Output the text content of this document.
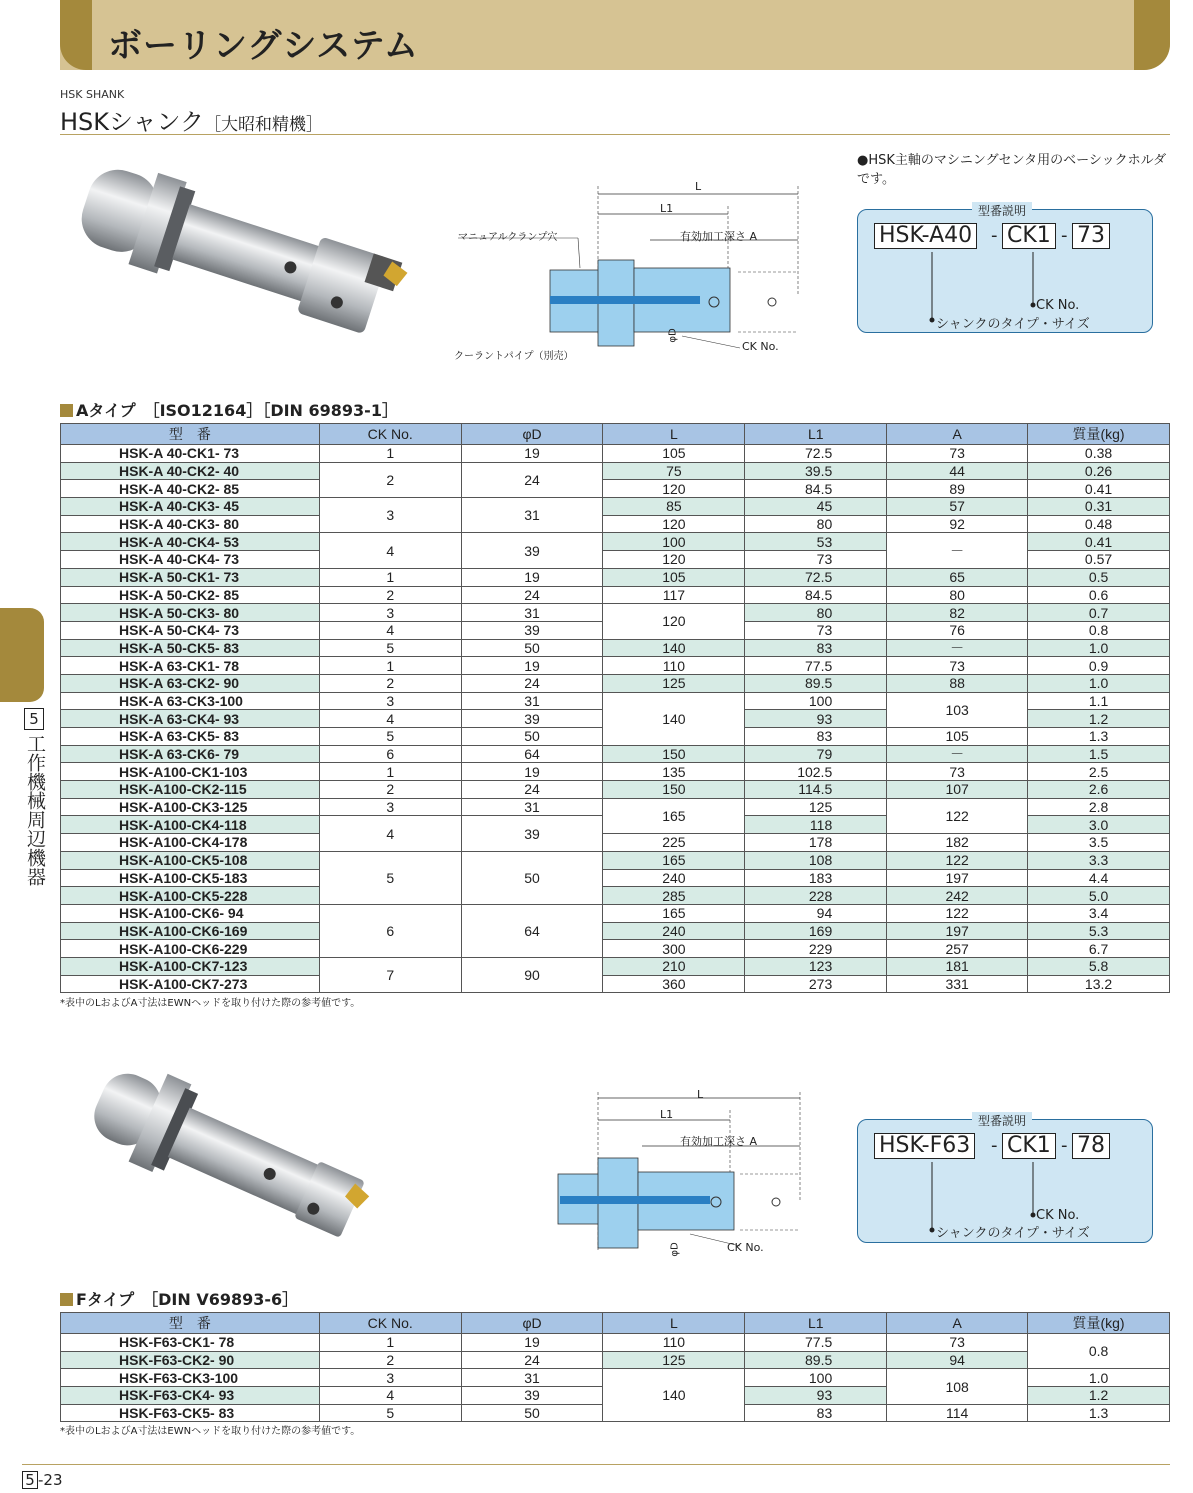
ボーリングシステム
HSK SHANK
HSKシャンク［大昭和精機］
5
工作機械周辺機器
L
L1
有効加工深さ A
マニュアルクランプ穴
クーラントパイプ（別売）
φD
CK No.
●HSK主軸のマシニングセンタ用のベーシックホルダです。
型番説明
HSK-A40 - CK1 - 73
CK No.
シャンクのタイプ・サイズ
Aタイプ　［ISO12164］［DIN 69893-1］
型　番	CK No.	φD	L	L1	A	質量(kg)
HSK-A 40-CK1- 73	1	19	105	72.5	73	0.38
HSK-A 40-CK2- 40	2	24	75	39.5	44	0.26
HSK-A 40-CK2- 85			120	84.5	89	0.41
HSK-A 40-CK3- 45	3	31	85	45	57	0.31
HSK-A 40-CK3- 80			120	80	92	0.48
HSK-A 40-CK4- 53	4	39	100	53	－	0.41
HSK-A 40-CK4- 73			120	73		0.57
HSK-A 50-CK1- 73	1	19	105	72.5	65	0.5
HSK-A 50-CK2- 85	2	24	117	84.5	80	0.6
HSK-A 50-CK3- 80	3	31	120	80	82	0.7
HSK-A 50-CK4- 73	4	39		73	76	0.8
HSK-A 50-CK5- 83	5	50	140	83	－	1.0
HSK-A 63-CK1- 78	1	19	110	77.5	73	0.9
HSK-A 63-CK2- 90	2	24	125	89.5	88	1.0
HSK-A 63-CK3-100	3	31	140	100	103	1.1
HSK-A 63-CK4- 93	4	39		93		1.2
HSK-A 63-CK5- 83	5	50		83	105	1.3
HSK-A 63-CK6- 79	6	64	150	79	－	1.5
HSK-A100-CK1-103	1	19	135	102.5	73	2.5
HSK-A100-CK2-115	2	24	150	114.5	107	2.6
HSK-A100-CK3-125	3	31	165	125	122	2.8
HSK-A100-CK4-118	4	39		118		3.0
HSK-A100-CK4-178			225	178	182	3.5
HSK-A100-CK5-108	5	50	165	108	122	3.3
HSK-A100-CK5-183			240	183	197	4.4
HSK-A100-CK5-228			285	228	242	5.0
HSK-A100-CK6- 94	6	64	165	94	122	3.4
HSK-A100-CK6-169			240	169	197	5.3
HSK-A100-CK6-229			300	229	257	6.7
HSK-A100-CK7-123	7	90	210	123	181	5.8
HSK-A100-CK7-273			360	273	331	13.2
*表中のLおよびA寸法はEWNヘッドを取り付けた際の参考値です。
L
L1
有効加工深さ A
φD	CK No.
型番説明
HSK-F63 - CK1 - 78
CK No.
シャンクのタイプ・サイズ
Fタイプ　［DIN V69893-6］
型　番	CK No.	φD	L	L1	A	質量(kg)
HSK-F63-CK1- 78	1	19	110	77.5	73	0.8
HSK-F63-CK2- 90	2	24	125	89.5	94	
HSK-F63-CK3-100	3	31	140	100	108	1.0
HSK-F63-CK4- 93	4	39		93		1.2
HSK-F63-CK5- 83	5	50		83	114	1.3
*表中のLおよびA寸法はEWNヘッドを取り付けた際の参考値です。
5 -23
